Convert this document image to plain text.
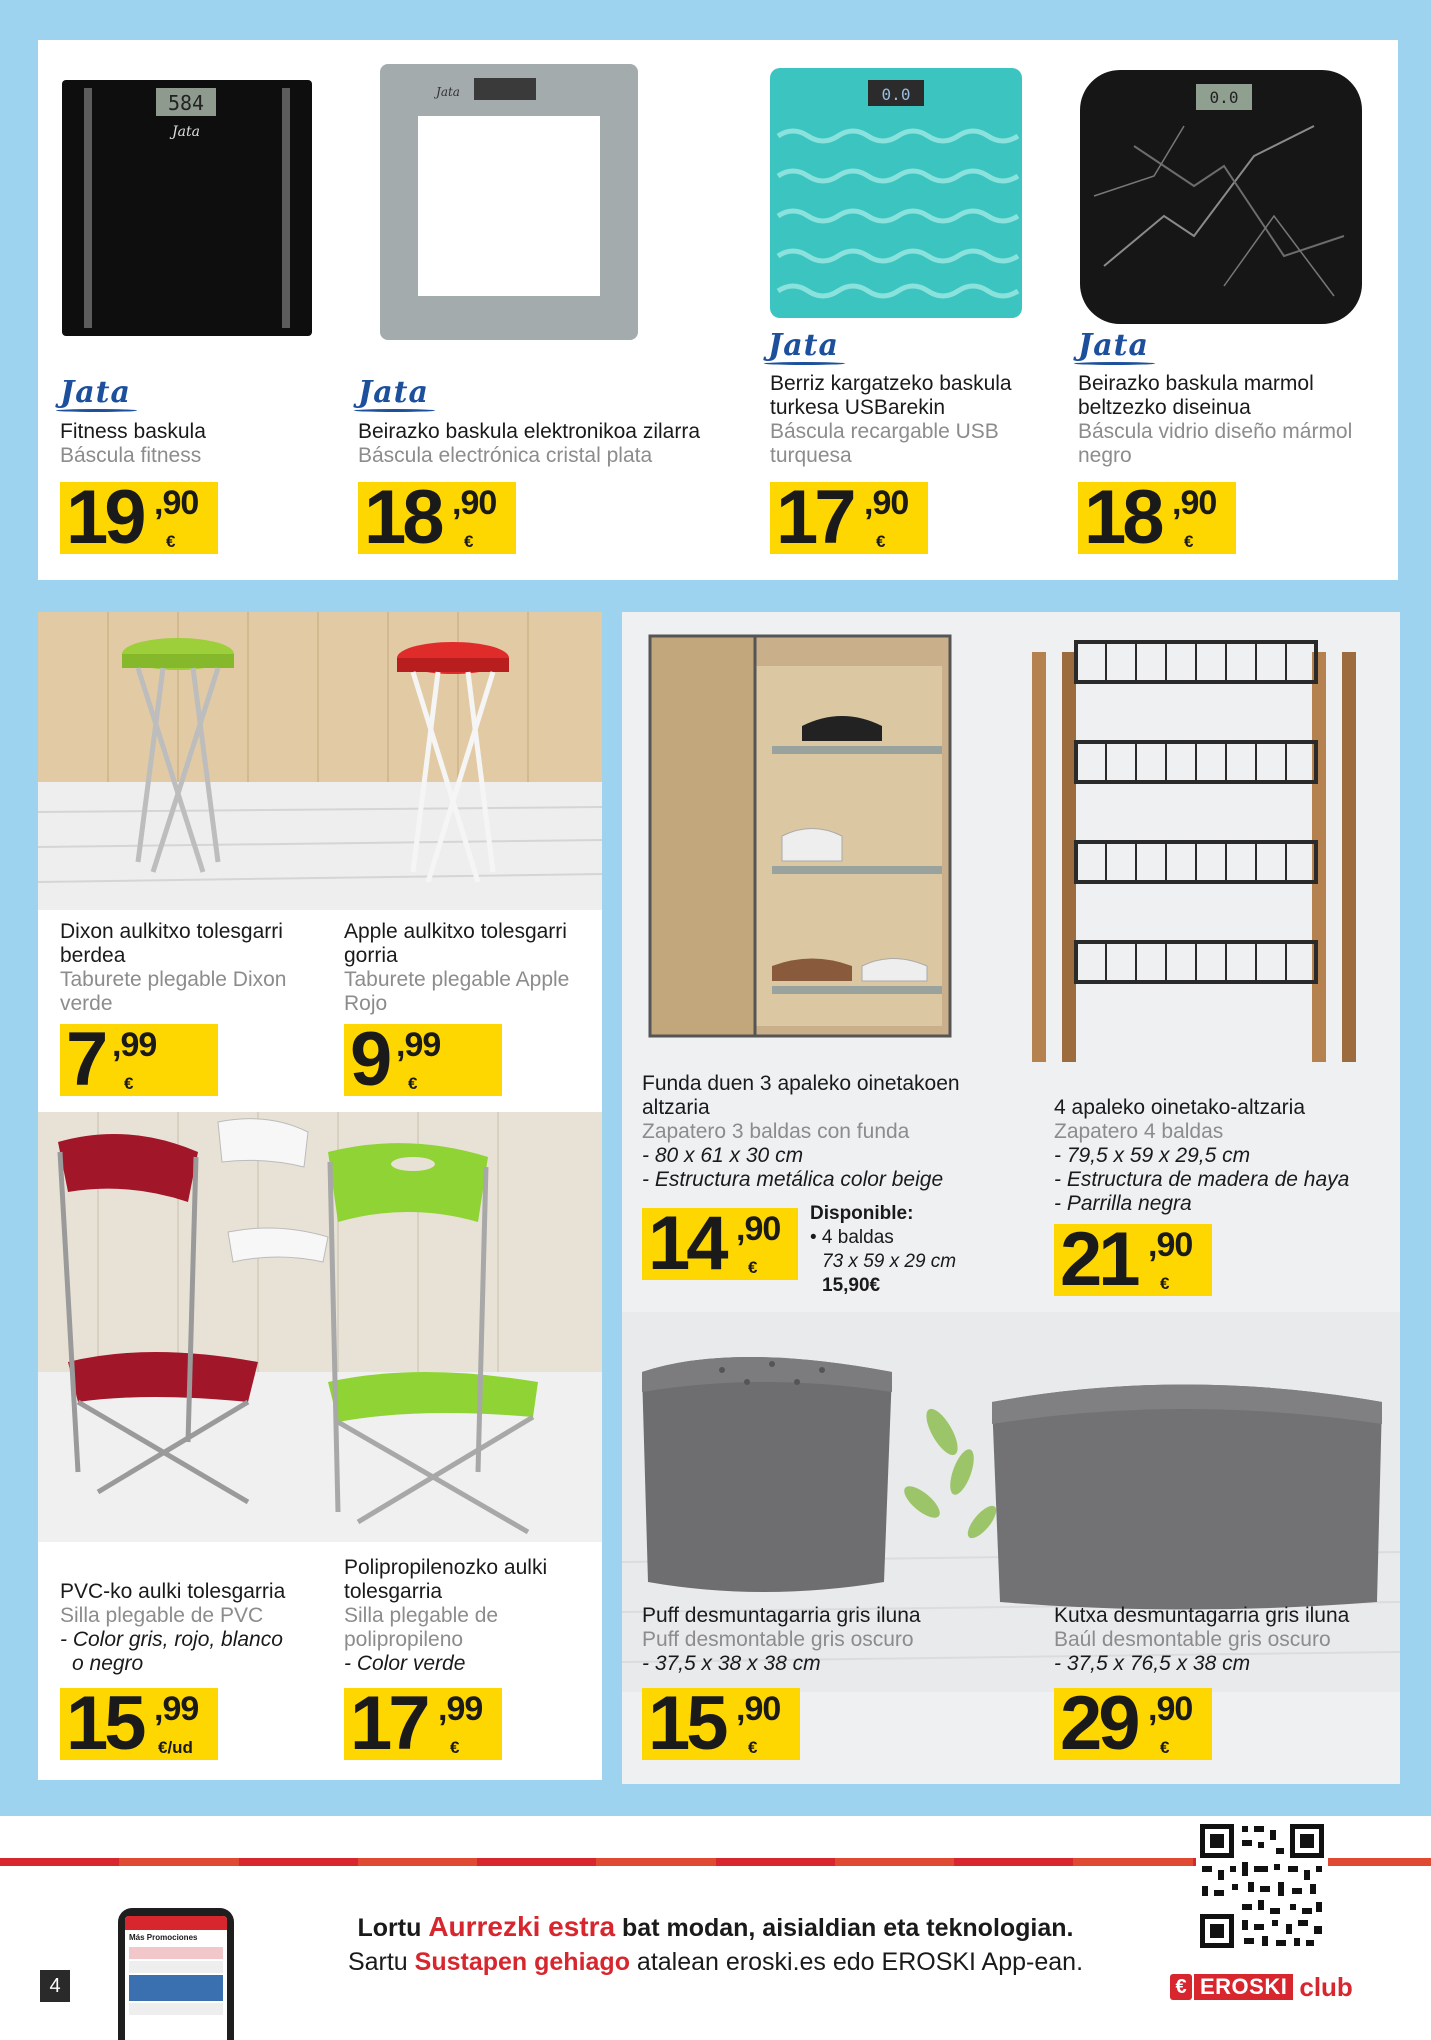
584
Jata
Jata
Fitness baskula
Báscula fitness
19 ,90
€
Jata
Jata
Beirazko baskula elektronikoa zilarra
Báscula electrónica cristal plata
18 ,90
€
0.0
Jata
Berriz kargatzeko baskula turkesa USBarekin
Báscula recargable USB turquesa
17 ,90
€
0.0
Jata
Beirazko baskula marmol beltzezko diseinua
Báscula vidrio diseño mármol negro
18 ,90
€
Dixon aulkitxo tolesgarri berdea
Taburete plegable Dixon verde
7 ,99
€
Apple aulkitxo tolesgarri gorria
Taburete plegable Apple Rojo
9 ,99
€
PVC-ko aulki tolesgarria
Silla plegable de PVC
- Color gris, rojo, blanco
o negro
15 ,99
€/ud
Polipropilenozko aulki tolesgarria
Silla plegable de polipropileno
- Color verde
17 ,99
€
Funda duen 3 apaleko oinetakoen altzaria
Zapatero 3 baldas con funda
- 80 x 61 x 30 cm
- Estructura metálica color beige
14 ,90
€
Disponible:
• 4 baldas
73 x 59 x 29 cm
15,90€
4 apaleko oinetako-altzaria
Zapatero 4 baldas
- 79,5 x 59 x 29,5 cm
- Estructura de madera de haya
- Parrilla negra
21 ,90
€
Puff desmuntagarria gris iluna
Puff desmontable gris oscuro
- 37,5 x 38 x 38 cm
15 ,90
€
Kutxa desmuntagarria gris iluna
Baúl desmontable gris oscuro
- 37,5 x 76,5 x 38 cm
29 ,90
€
Más Promociones	Lortu Aurrezki estra bat modan, aisialdian eta teknologian.
Sartu Sustapen gehiago atalean eroski.es edo EROSKI App-ean.
4	€ EROSKI club
